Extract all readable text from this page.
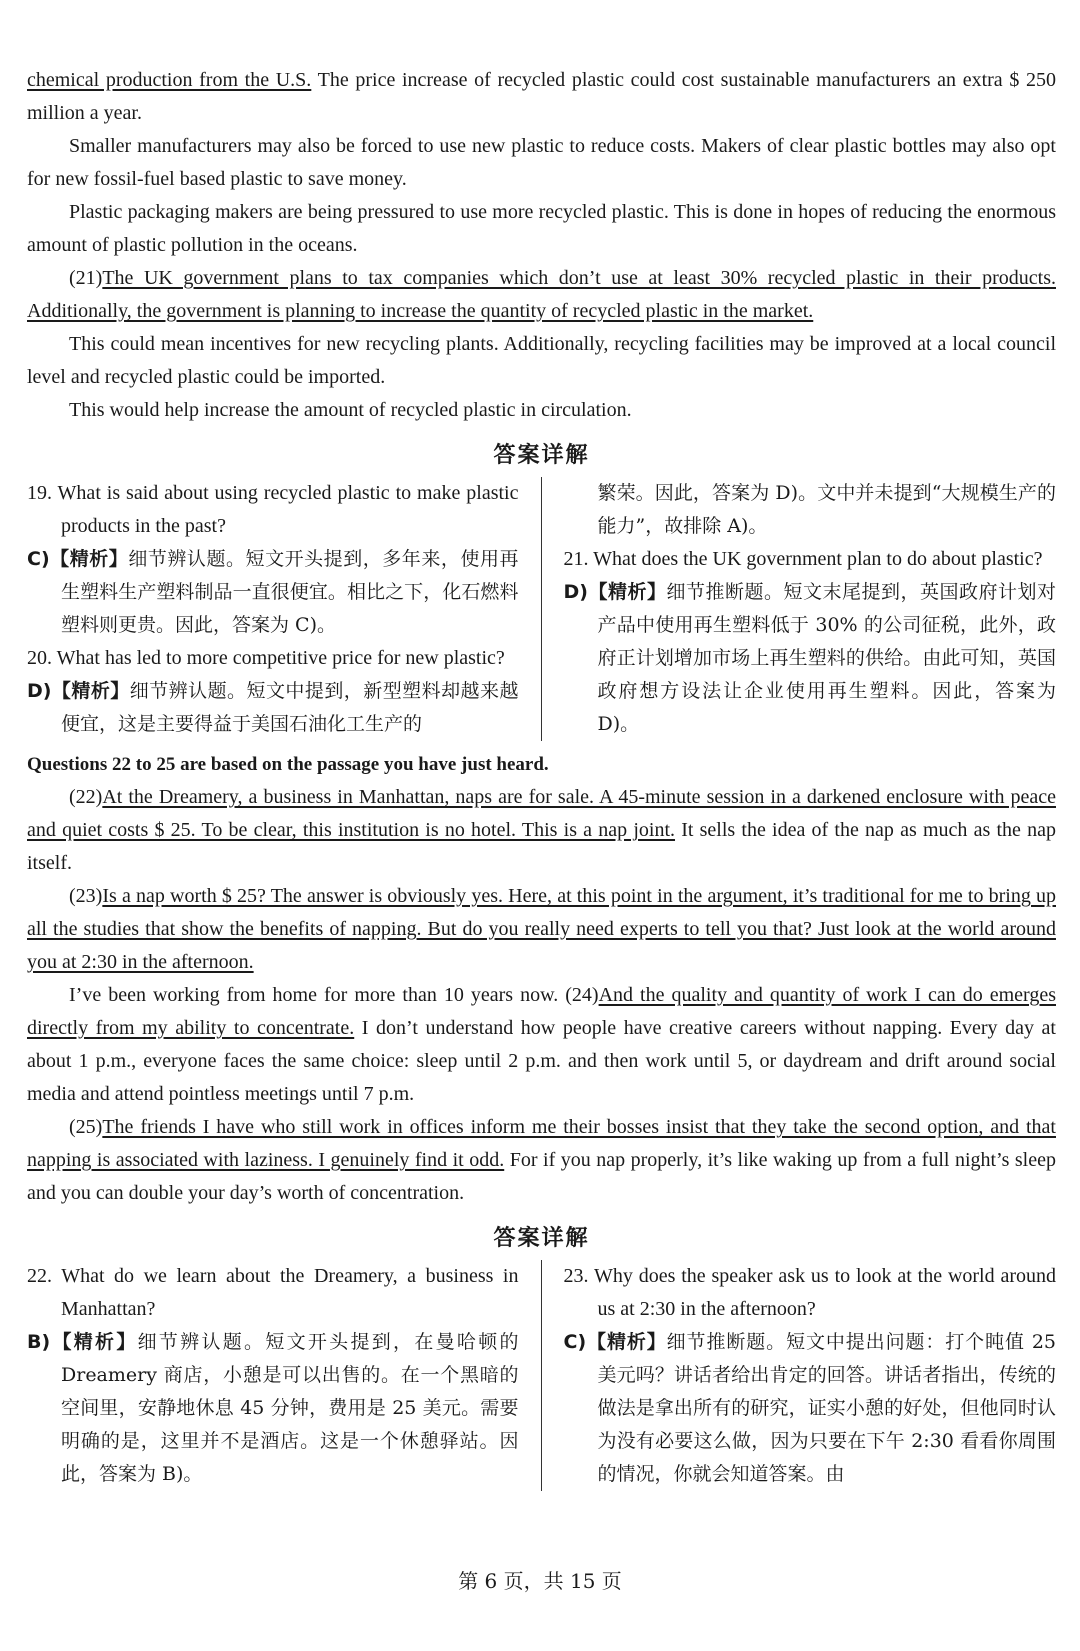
chemical production from the U.S. The price increase of recycled plastic could cost sustainable manufacturers an extra $ 250 million a year.

Smaller manufacturers may also be forced to use new plastic to reduce costs. Makers of clear plastic bottles may also opt for new fossil-fuel based plastic to save money.

Plastic packaging makers are being pressured to use more recycled plastic. This is done in hopes of reducing the enormous amount of plastic pollution in the oceans.

(21)The UK government plans to tax companies which don’t use at least 30% recycled plastic in their products. Additionally, the government is planning to increase the quantity of recycled plastic in the market.

This could mean incentives for new recycling plants. Additionally, recycling facilities may be improved at a local council level and recycled plastic could be imported.

This would help increase the amount of recycled plastic in circulation.

答案详解
19. What is said about using recycled plastic to make plastic products in the past?
C)【精析】细节辨认题。短文开头提到，多年来，使用再生塑料生产塑料制品一直很便宜。相比之下，化石燃料塑料则更贵。因此，答案为 C)。
20. What has led to more competitive price for new plastic?
D)【精析】细节辨认题。短文中提到，新型塑料却越来越便宜，这是主要得益于美国石油化工生产的
繁荣。因此，答案为 D)。文中并未提到“大规模生产的能力”，故排除 A)。
21. What does the UK government plan to do about plastic?
D)【精析】细节推断题。短文末尾提到，英国政府计划对产品中使用再生塑料低于 30% 的公司征税，此外，政府正计划增加市场上再生塑料的供给。由此可知，英国政府想方设法让企业使用再生塑料。因此，答案为 D)。
Questions 22 to 25 are based on the passage you have just heard.

(22)At the Dreamery, a business in Manhattan, naps are for sale. A 45-minute session in a darkened enclosure with peace and quiet costs $ 25. To be clear, this institution is no hotel. This is a nap joint. It sells the idea of the nap as much as the nap itself.

(23)Is a nap worth $ 25? The answer is obviously yes. Here, at this point in the argument, it’s traditional for me to bring up all the studies that show the benefits of napping. But do you really need experts to tell you that? Just look at the world around you at 2:30 in the afternoon.

I’ve been working from home for more than 10 years now. (24)And the quality and quantity of work I can do emerges directly from my ability to concentrate. I don’t understand how people have creative careers without napping. Every day at about 1 p.m., everyone faces the same choice: sleep until 2 p.m. and then work until 5, or daydream and drift around social media and attend pointless meetings until 7 p.m.

(25)The friends I have who still work in offices inform me their bosses insist that they take the second option, and that napping is associated with laziness. I genuinely find it odd. For if you nap properly, it’s like waking up from a full night’s sleep and you can double your day’s worth of concentration.

答案详解
22. What do we learn about the Dreamery, a business in Manhattan?
B)【精析】细节辨认题。短文开头提到，在曼哈顿的 Dreamery 商店，小憩是可以出售的。在一个黑暗的空间里，安静地休息 45 分钟，费用是 25 美元。需要明确的是，这里并不是酒店。这是一个休憩驿站。因此，答案为 B)。
23. Why does the speaker ask us to look at the world around us at 2:30 in the afternoon?
C)【精析】细节推断题。短文中提出问题：打个盹值 25 美元吗？讲话者给出肯定的回答。讲话者指出，传统的做法是拿出所有的研究，证实小憩的好处，但他同时认为没有必要这么做，因为只要在下午 2:30 看看你周围的情况，你就会知道答案。由
第 6 页，共 15 页
